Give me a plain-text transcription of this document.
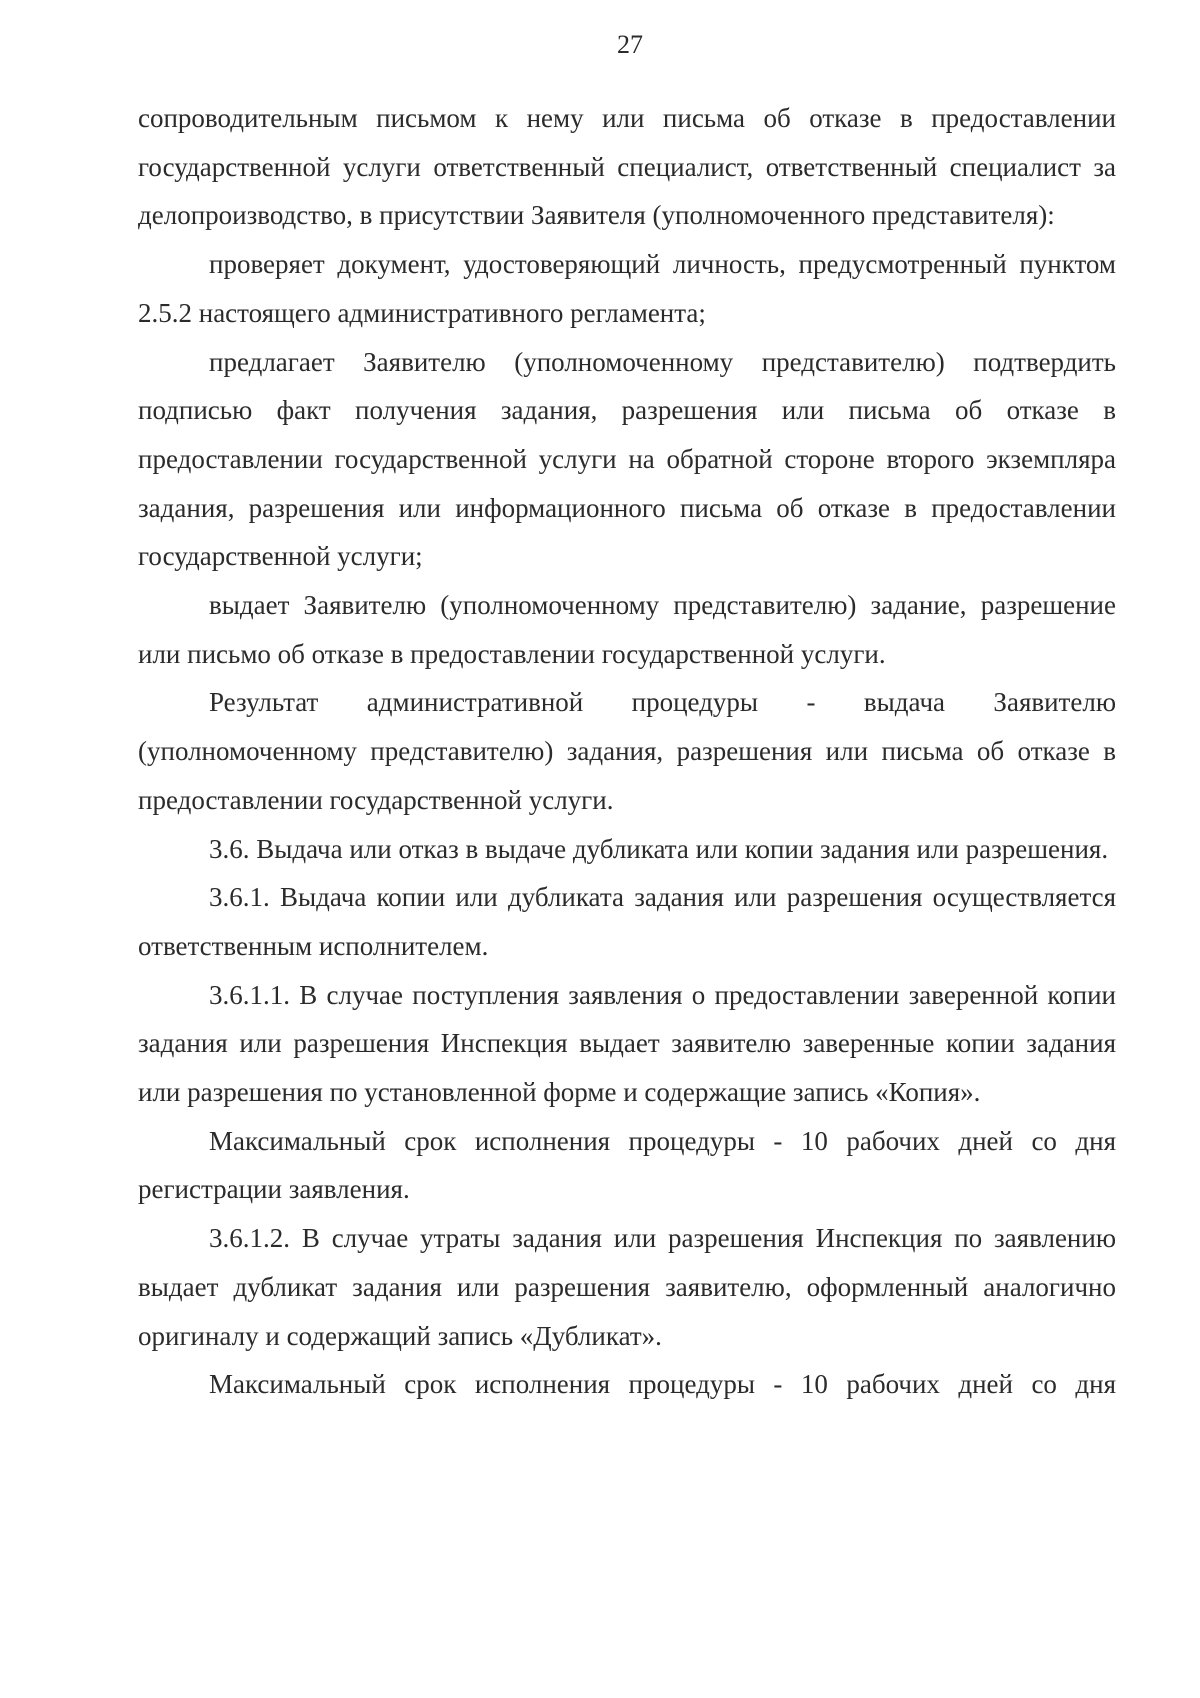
27

сопроводительным письмом к нему или письма об отказе в предоставлении государственной услуги ответственный специалист, ответственный специалист за делопроизводство, в присутствии Заявителя (уполномоченного представителя):

проверяет документ, удостоверяющий личность, предусмотренный пунктом 2.5.2 настоящего административного регламента;

предлагает Заявителю (уполномоченному представителю) подтвердить подписью факт получения задания, разрешения или письма об отказе в предоставлении государственной услуги на обратной стороне второго экземпляра задания, разрешения или информационного письма об отказе в предоставлении государственной услуги;

выдает Заявителю (уполномоченному представителю) задание, разрешение или письмо об отказе в предоставлении государственной услуги.

Результат административной процедуры - выдача Заявителю (уполномоченному представителю) задания, разрешения или письма об отказе в предоставлении государственной услуги.

3.6. Выдача или отказ в выдаче дубликата или копии задания или разрешения.

3.6.1. Выдача копии или дубликата задания или разрешения осуществляется ответственным исполнителем.

3.6.1.1. В случае поступления заявления о предоставлении заверенной копии задания или разрешения Инспекция выдает заявителю заверенные копии задания или разрешения по установленной форме и содержащие запись «Копия».

Максимальный срок исполнения процедуры - 10 рабочих дней со дня регистрации заявления.

3.6.1.2. В случае утраты задания или разрешения Инспекция по заявлению выдает дубликат задания или разрешения заявителю, оформленный аналогично оригиналу и содержащий запись «Дубликат».

Максимальный срок исполнения процедуры - 10 рабочих дней со дня
